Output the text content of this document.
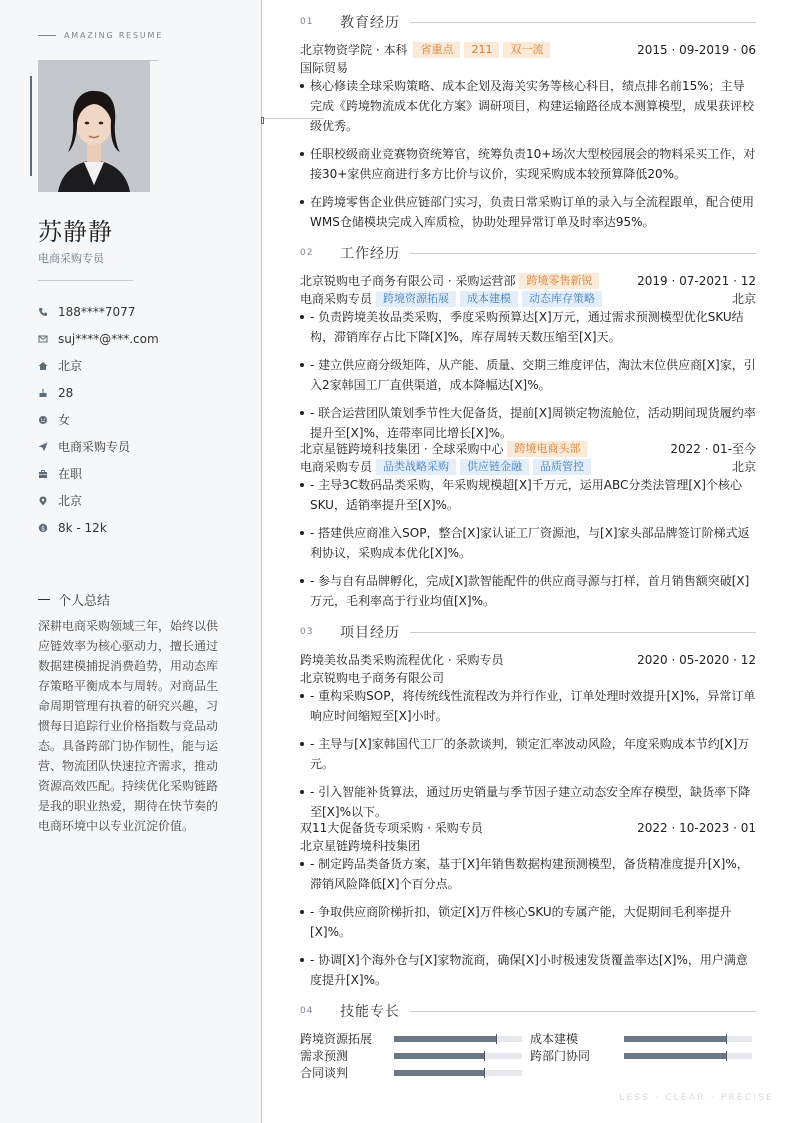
AMAZING RESUME
苏静静
电商采购专员
188****7077
suj****@***.com
北京
28
女
电商采购专员
在职
北京
$ 8k - 12k
个人总结
深耕电商采购领域三年，始终以供应链效率为核心驱动力，擅长通过数据建模捕捉消费趋势，用动态库存策略平衡成本与周转。对商品生命周期管理有执着的研究兴趣，习惯每日追踪行业价格指数与竞品动态。具备跨部门协作韧性，能与运营、物流团队快速拉齐需求，推动资源高效匹配。持续优化采购链路是我的职业热爱，期待在快节奏的电商环境中以专业沉淀价值。
01	教育经历
北京物资学院 · 本科	省重点	211	双一流	2015 · 09-2019 · 06
国际贸易
核心修读全球采购策略、成本企划及海关实务等核心科目，绩点排名前15%；主导完成《跨境物流成本优化方案》调研项目，构建运输路径成本测算模型，成果获评校级优秀。
任职校级商业竞赛物资统筹官，统筹负责10+场次大型校园展会的物料采买工作，对接30+家供应商进行多方比价与议价，实现采购成本较预算降低20%。
在跨境零售企业供应链部门实习，负责日常采购订单的录入与全流程跟单，配合使用WMS仓储模块完成入库质检，协助处理异常订单及时率达95%。
02	工作经历
北京锐购电子商务有限公司 · 采购运营部	跨境零售新锐	2019 · 07-2021 · 12
电商采购专员	跨境资源拓展	成本建模	动态库存策略	北京
- 负责跨境美妆品类采购，季度采购预算达[X]万元，通过需求预测模型优化SKU结构，滞销库存占比下降[X]%，库存周转天数压缩至[X]天。
- 建立供应商分级矩阵，从产能、质量、交期三维度评估，淘汰末位供应商[X]家，引入2家韩国工厂直供渠道，成本降幅达[X]%。
- 联合运营团队策划季节性大促备货，提前[X]周锁定物流舱位，活动期间现货履约率提升至[X]%，连带率同比增长[X]%。
北京星链跨境科技集团 · 全球采购中心	跨境电商头部	2022 · 01-至今
电商采购专员	品类战略采购	供应链金融	品质管控	北京
- 主导3C数码品类采购，年采购规模超[X]千万元，运用ABC分类法管理[X]个核心SKU，适销率提升至[X]%。
- 搭建供应商准入SOP，整合[X]家认证工厂资源池，与[X]家头部品牌签订阶梯式返利协议，采购成本优化[X]%。
- 参与自有品牌孵化，完成[X]款智能配件的供应商寻源与打样，首月销售额突破[X]万元，毛利率高于行业均值[X]%。
03	项目经历
跨境美妆品类采购流程优化 · 采购专员	2020 · 05-2020 · 12
北京锐购电子商务有限公司
- 重构采购SOP，将传统线性流程改为并行作业，订单处理时效提升[X]%，异常订单响应时间缩短至[X]小时。
- 主导与[X]家韩国代工厂的条款谈判，锁定汇率波动风险，年度采购成本节约[X]万元。
- 引入智能补货算法，通过历史销量与季节因子建立动态安全库存模型，缺货率下降至[X]%以下。
双11大促备货专项采购 · 采购专员	2022 · 10-2023 · 01
北京星链跨境科技集团
- 制定跨品类备货方案，基于[X]年销售数据构建预测模型，备货精准度提升[X]%，滞销风险降低[X]个百分点。
- 争取供应商阶梯折扣，锁定[X]万件核心SKU的专属产能，大促期间毛利率提升[X]%。
- 协调[X]个海外仓与[X]家物流商，确保[X]小时极速发货覆盖率达[X]%，用户满意度提升[X]%。
04	技能专长
跨境资源拓展	成本建模
需求预测	跨部门协同
合同谈判
LESS · CLEAR · PRECISE
